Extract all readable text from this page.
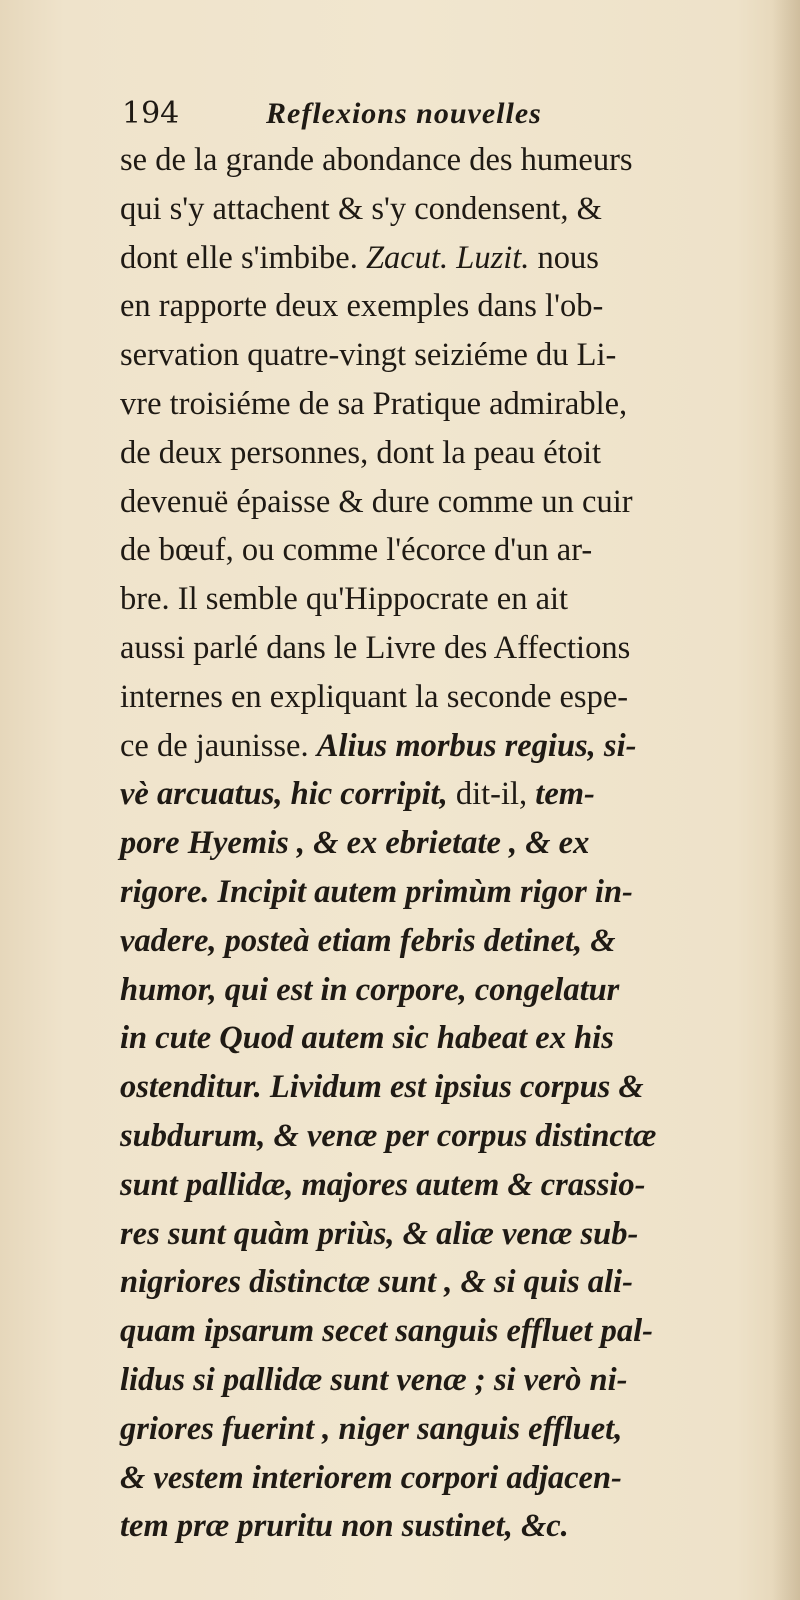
194	Reflexions nouvelles
se de la grande abondance des humeurs
qui s'y attachent & s'y condensent, &
dont elle s'imbibe. Zacut. Luzit. nous
en rapporte deux exemples dans l'ob-
servation quatre-vingt seiziéme du Li-
vre troisiéme de sa Pratique admirable,
de deux personnes, dont la peau étoit
devenuë épaisse & dure comme un cuir
de bœuf, ou comme l'écorce d'un ar-
bre. Il semble qu'Hippocrate en ait
aussi parlé dans le Livre des Affections
internes en expliquant la seconde espe-
ce de jaunisse. Alius morbus regius, si-
vè arcuatus, hic corripit, dit-il, tem-
pore Hyemis , & ex ebrietate , & ex
rigore. Incipit autem primùm rigor in-
vadere, posteà etiam febris detinet, &
humor, qui est in corpore, congelatur
in cute Quod autem sic habeat ex his
ostenditur. Lividum est ipsius corpus &
subdurum, & venæ per corpus distinctæ
sunt pallidæ, majores autem & crassio-
res sunt quàm priùs, & aliæ venæ sub-
nigriores distinctæ sunt , & si quis ali-
quam ipsarum secet sanguis effluet pal-
lidus si pallidæ sunt venæ ; si verò ni-
griores fuerint , niger sanguis effluet,
& vestem interiorem corpori adjacen-
tem præ pruritu non sustinet, &c.
